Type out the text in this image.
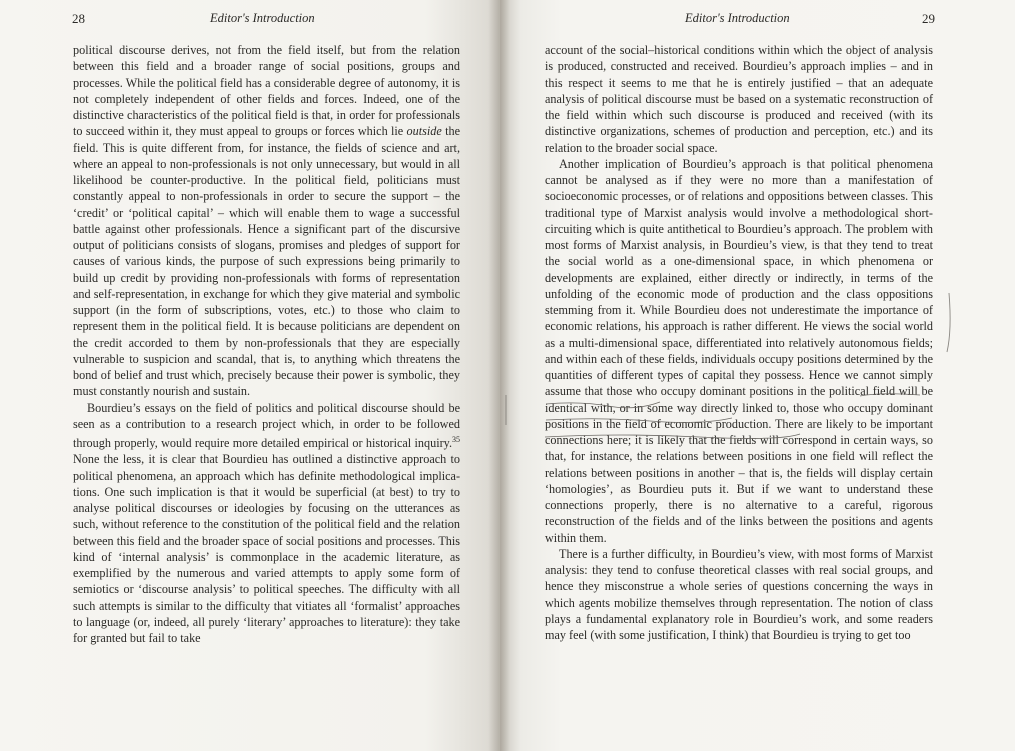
28	Editor's Introduction

political discourse derives, not from the field itself, but from the relation between this field and a broader range of social positions, groups and processes. While the political field has a considerable degree of autonomy, it is not completely independent of other fields and forces. Indeed, one of the distinctive characteristics of the political field is that, in order for professionals to succeed within it, they must appeal to groups or forces which lie outside the field. This is quite different from, for instance, the fields of science and art, where an appeal to non-professionals is not only unnecessary, but would in all likelihood be counter-productive. In the political field, politicians must constantly appeal to non-professionals in order to secure the support – the ‘credit’ or ‘political capital’ – which will enable them to wage a successful battle against other professionals. Hence a significant part of the discursive output of politicians consists of slogans, promises and pledges of support for causes of various kinds, the purpose of such expressions being primarily to build up credit by providing non-professionals with forms of representation and self-representation, in exchange for which they give material and symbolic support (in the form of subscriptions, votes, etc.) to those who claim to represent them in the political field. It is because politicians are dependent on the credit accorded to them by non-professionals that they are especially vulnerable to suspicion and scandal, that is, to anything which threatens the bond of belief and trust which, precisely because their power is symbolic, they must constantly nourish and sustain.

Bourdieu’s essays on the field of politics and political discourse should be seen as a contribution to a research project which, in order to be followed through properly, would require more detailed empirical or historical inquiry.$^{35}$ None the less, it is clear that Bourdieu has outlined a distinctive approach to political phenomena, an approach which has definite methodological implications. One such implication is that it would be superficial (at best) to try to analyse political discourses or ideologies by focusing on the utterances as such, without reference to the constitution of the political field and the relation between this field and the broader space of social positions and processes. This kind of ‘internal analysis’ is commonplace in the academic literature, as exemplified by the numerous and varied attempts to apply some form of semiotics or ‘discourse analysis’ to political speeches. The difficulty with all such attempts is similar to the difficulty that vitiates all ‘formalist’ approaches to language (or, indeed, all purely ‘literary’ approaches to literature): they take for granted but fail to take

Editor's Introduction	29

account of the social–historical conditions within which the object of analysis is produced, constructed and received. Bourdieu’s approach implies – and in this respect it seems to me that he is entirely justified – that an adequate analysis of political discourse must be based on a systematic reconstruction of the field within which such discourse is produced and received (with its distinctive organizations, schemes of production and perception, etc.) and its relation to the broader social space.

Another implication of Bourdieu’s approach is that political phenomena cannot be analysed as if they were no more than a manifestation of socioeconomic processes, or of relations and oppositions between classes. This traditional type of Marxist analysis would involve a methodological short-circuiting which is quite antithetical to Bourdieu’s approach. The problem with most forms of Marxist analysis, in Bourdieu’s view, is that they tend to treat the social world as a one-dimensional space, in which phenomena or developments are explained, either directly or indirectly, in terms of the unfolding of the economic mode of production and the class oppositions stemming from it. While Bourdieu does not underestimate the importance of economic relations, his approach is rather different. He views the social world as a multi-dimensional space, differentiated into relatively autonomous fields; and within each of these fields, individuals occupy positions determined by the quantities of different types of capital they possess. Hence we cannot simply assume that those who occupy dominant positions in the political field will be identical with, or in some way directly linked to, those who occupy dominant positions in the field of economic production. There are likely to be important connections here; it is likely that the fields will correspond in certain ways, so that, for instance, the relations between positions in one field will reflect the relations between positions in another – that is, the fields will display certain ‘homologies’, as Bourdieu puts it. But if we want to understand these connections properly, there is no alternative to a careful, rigorous reconstruction of the fields and of the links between the positions and agents within them.

There is a further difficulty, in Bourdieu’s view, with most forms of Marxist analysis: they tend to confuse theoretical classes with real social groups, and hence they misconstrue a whole series of questions concerning the ways in which agents mobilize themselves through representation. The notion of class plays a fundamental explanatory role in Bourdieu’s work, and some readers may feel (with some justification, I think) that Bourdieu is trying to get too
